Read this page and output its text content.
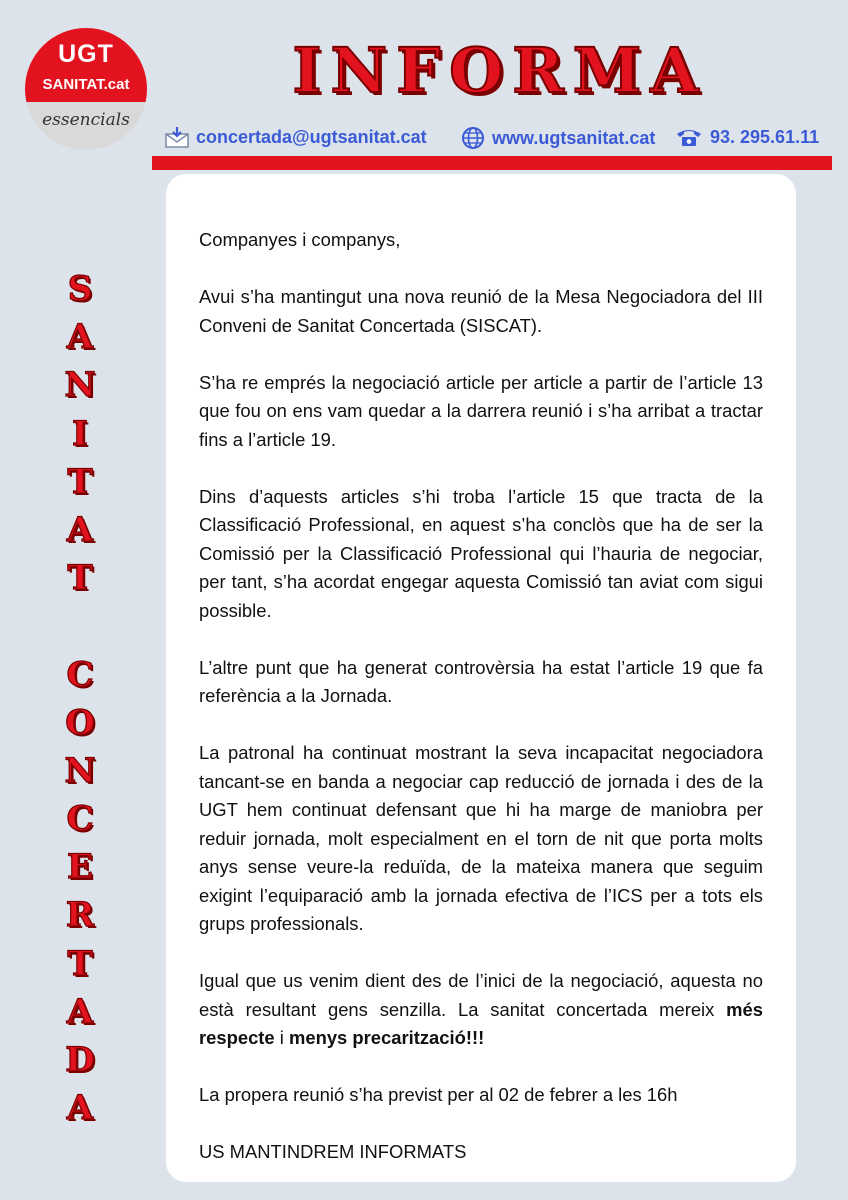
UGT
SANITAT.cat
essencials
INFORMA
concertada@ugtsanitat.cat	www.ugtsanitat.cat	93. 295.61.11
S
A
N
I
T
A
T
C
O
N
C
E
R
T
A
D
A

Companyes i companys,

Avui s’ha mantingut una nova reunió de la Mesa Negociadora del III Conveni de Sanitat Concertada (SISCAT).

S’ha re emprés la negociació article per article a partir de l’article 13 que fou on ens vam quedar a la darrera reunió i s’ha arribat a tractar fins a l’article 19.

Dins d’aquests articles s’hi troba l’article 15 que tracta de la Classificació Professional, en aquest s’ha conclòs que ha de ser la Comissió per la Classificació Professional qui l’hauria de negociar, per tant, s’ha acordat engegar aquesta Comissió tan aviat com sigui possible.

L’altre punt que ha generat controvèrsia ha estat l’article 19 que fa referència a la Jornada.

La patronal ha continuat mostrant la seva incapacitat negociadora tancant-se en banda a negociar cap reducció de jornada i des de la UGT hem continuat defensant que hi ha marge de maniobra per reduir jornada, molt especialment en el torn de nit que porta molts anys sense veure-la reduïda, de la mateixa manera que seguim exigint l’equiparació amb la jornada efectiva de l’ICS per a tots els grups professionals.

Igual que us venim dient des de l’inici de la negociació, aquesta no està resultant gens senzilla. La sanitat concertada mereix més respecte i menys precarització!!!

La propera reunió s’ha previst per al 02 de febrer a les 16h

US MANTINDREM INFORMATS
